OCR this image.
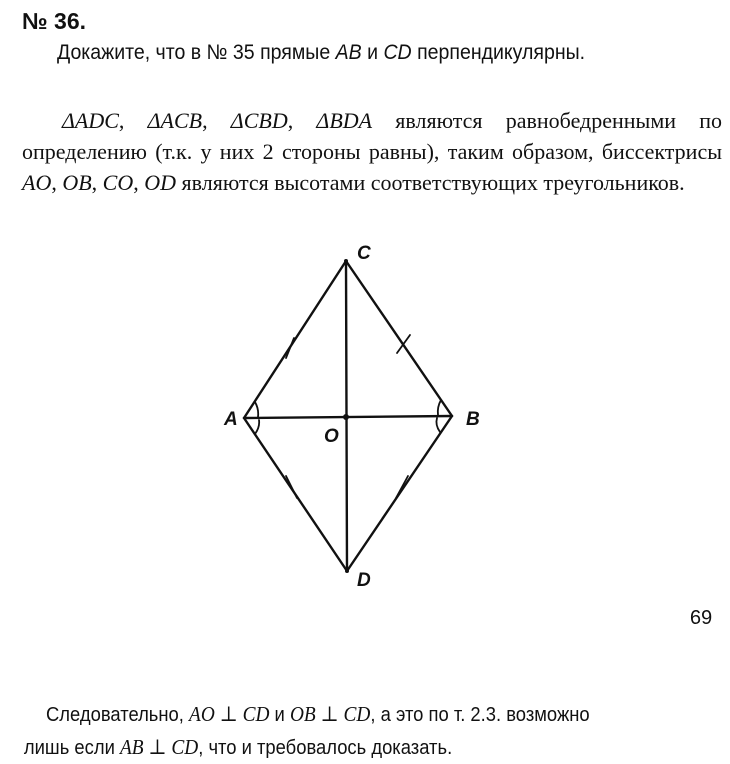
№ 36.
Докажите, что в № 35 прямые AB и CD перпендикулярны.

ΔADC, ΔACB, ΔCBD, ΔBDA являются равнобедренными по определению (т.к. у них 2 стороны равны), таким образом, биссектрисы AO, OB, CO, OD являются высотами соответствующих треугольников.

A	B
C
D
O
69

Следовательно, AO ⊥ CD и OB ⊥ CD, а это по т. 2.3. возможно

лишь если AB ⊥ CD, что и требовалось доказать.
